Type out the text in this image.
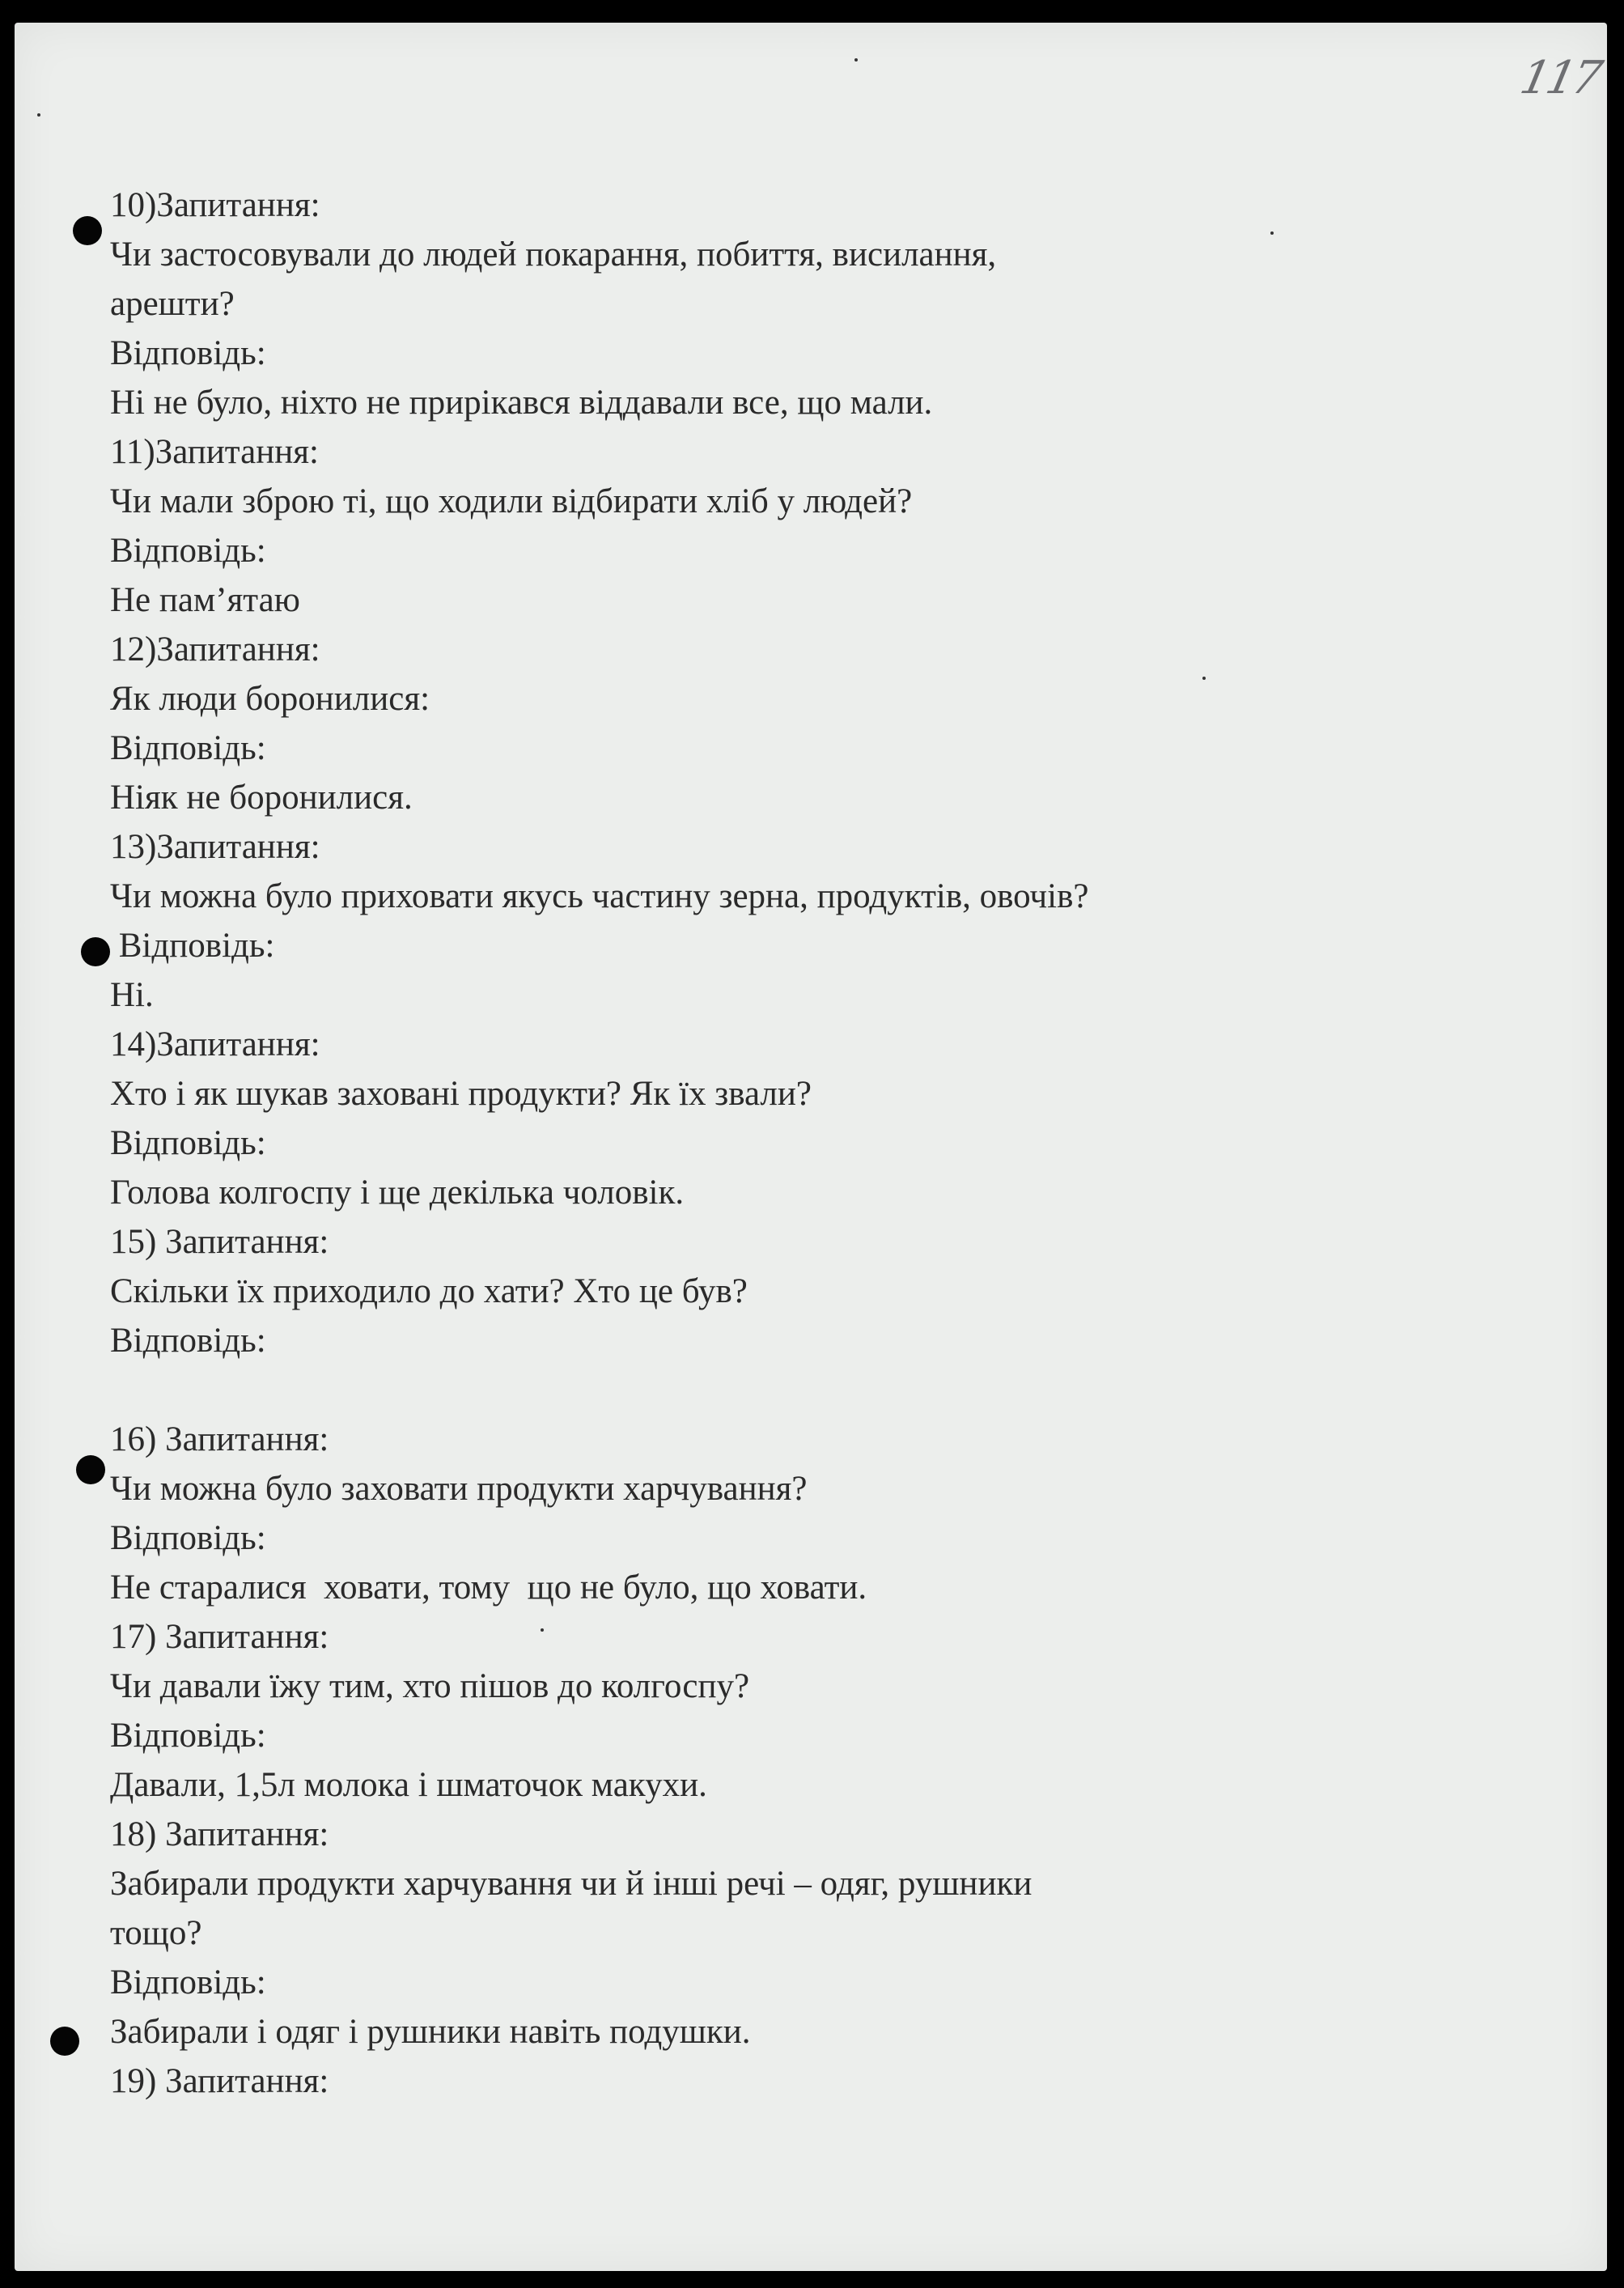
117
10)Запитання:
Чи застосовували до людей покарання, побиття, висилання,
арешти?
Відповідь:
Ні не було, ніхто не прирікався віддавали все, що мали.
11)Запитання:
Чи мали зброю ті, що ходили відбирати хліб у людей?
Відповідь:
Не пам’ятаю
12)Запитання:
Як люди боронилися:
Відповідь:
Ніяк не боронилися.
13)Запитання:
Чи можна було приховати якусь частину зерна, продуктів, овочів?
Відповідь:
Ні.
14)Запитання:
Хто і як шукав заховані продукти? Як їх звали?
Відповідь:
Голова колгоспу і ще декілька чоловік.
15) Запитання:
Скільки їх приходило до хати? Хто це був?
Відповідь:
16) Запитання:
Чи можна було заховати продукти харчування?
Відповідь:
Не старалися  ховати, тому  що не було, що ховати.
17) Запитання:
Чи давали їжу тим, хто пішов до колгоспу?
Відповідь:
Давали, 1,5л молока і шматочок макухи.
18) Запитання:
Забирали продукти харчування чи й інші речі – одяг, рушники
тощо?
Відповідь:
Забирали і одяг і рушники навіть подушки.
19) Запитання:
